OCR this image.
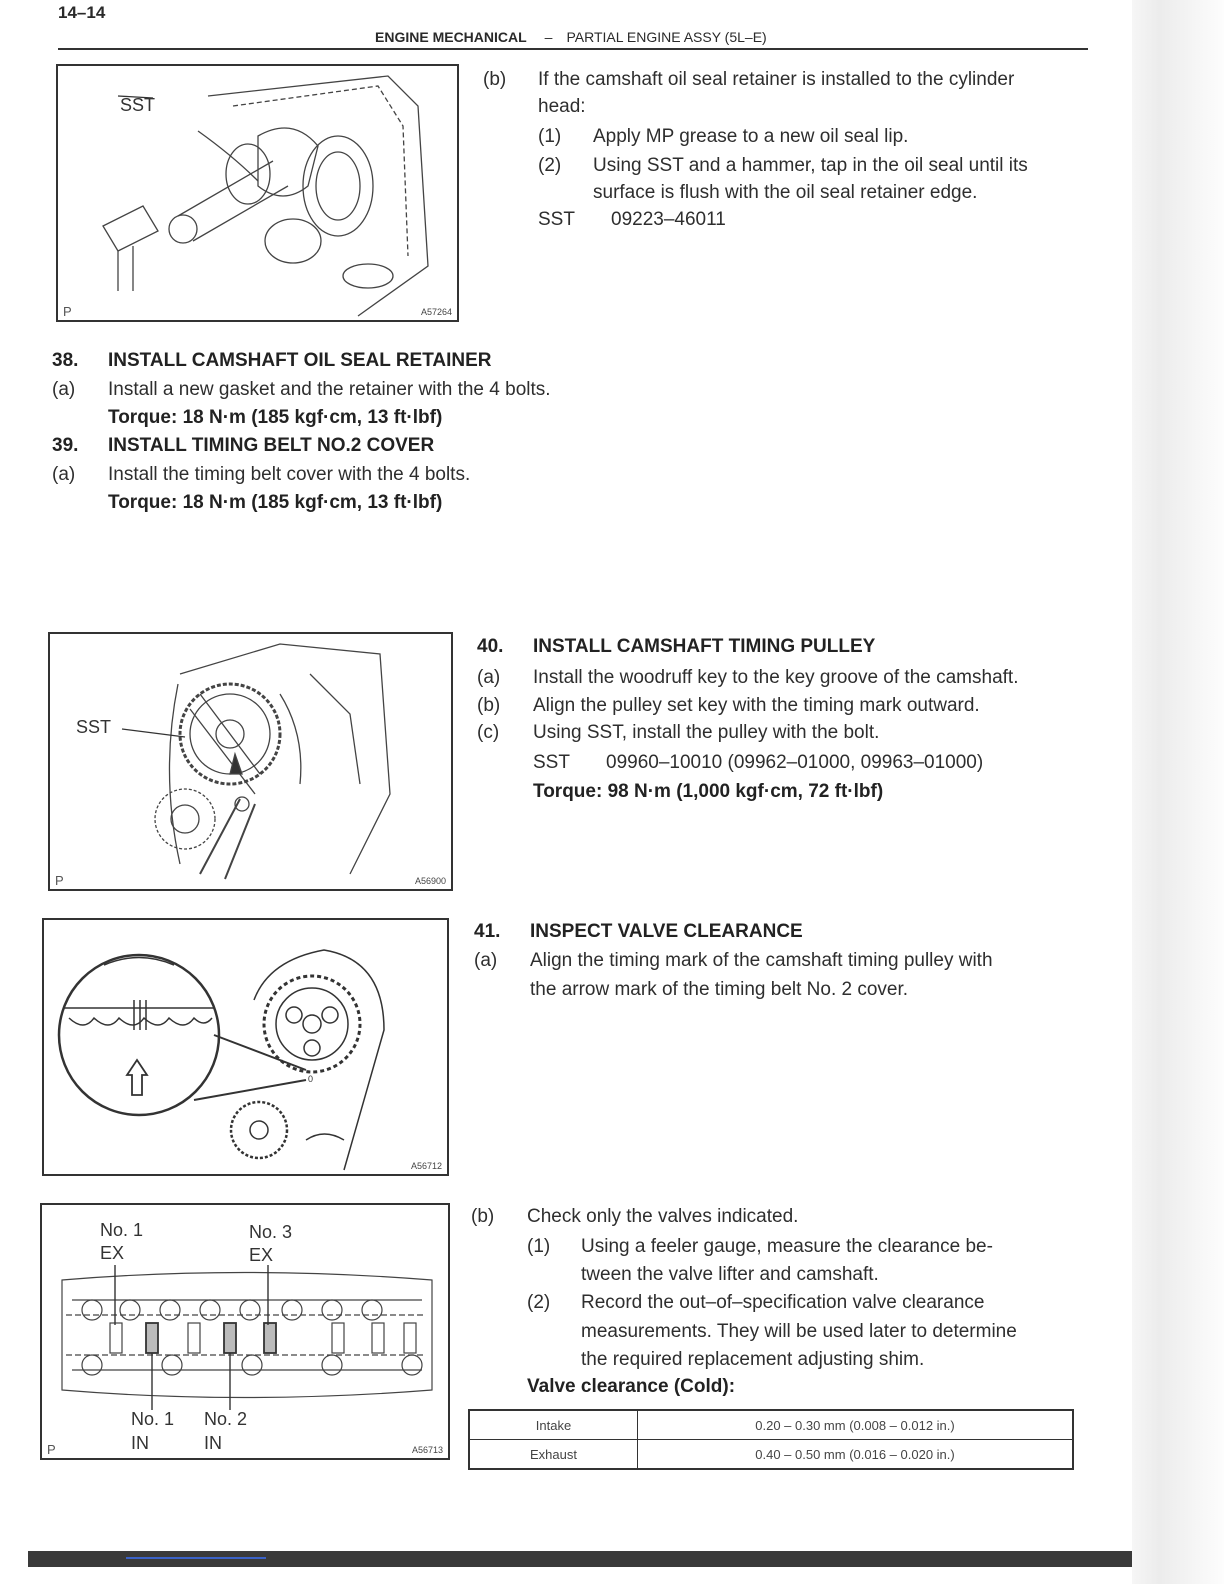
14–14
ENGINE MECHANICAL – PARTIAL ENGINE ASSY (5L–E)
SST
P	A57264
(b) If the camshaft oil seal retainer is installed to the cylinder
head:
(1) Apply MP grease to a new oil seal lip.
(2) Using SST and a hammer, tap in the oil seal until its
surface is flush with the oil seal retainer edge.
SST 09223–46011
38. INSTALL CAMSHAFT OIL SEAL RETAINER
(a) Install a new gasket and the retainer with the 4 bolts.
Torque: 18 N·m (185 kgf·cm, 13 ft·lbf)
39. INSTALL TIMING BELT NO.2 COVER
(a) Install the timing belt cover with the 4 bolts.
Torque: 18 N·m (185 kgf·cm, 13 ft·lbf)
SST
P	A56900
40. INSTALL CAMSHAFT TIMING PULLEY
(a) Install the woodruff key to the key groove of the camshaft.
(b) Align the pulley set key with the timing mark outward.
(c) Using SST, install the pulley with the bolt.
SST 09960–10010 (09962–01000, 09963–01000)
Torque: 98 N·m (1,000 kgf·cm, 72 ft·lbf)
0
A56712
41. INSPECT VALVE CLEARANCE
(a) Align the timing mark of the camshaft timing pulley with
the arrow mark of the timing belt No. 2 cover.
No. 1
EX
No. 3
EX
No. 1
IN
No. 2
IN
P	A56713
(b) Check only the valves indicated.
(1) Using a feeler gauge, measure the clearance be-
tween the valve lifter and camshaft.
(2) Record the out–of–specification valve clearance
measurements. They will be used later to determine
the required replacement adjusting shim.
Valve clearance (Cold):
Intake	0.20 – 0.30 mm (0.008 – 0.012 in.)
Exhaust	0.40 – 0.50 mm (0.016 – 0.020 in.)
